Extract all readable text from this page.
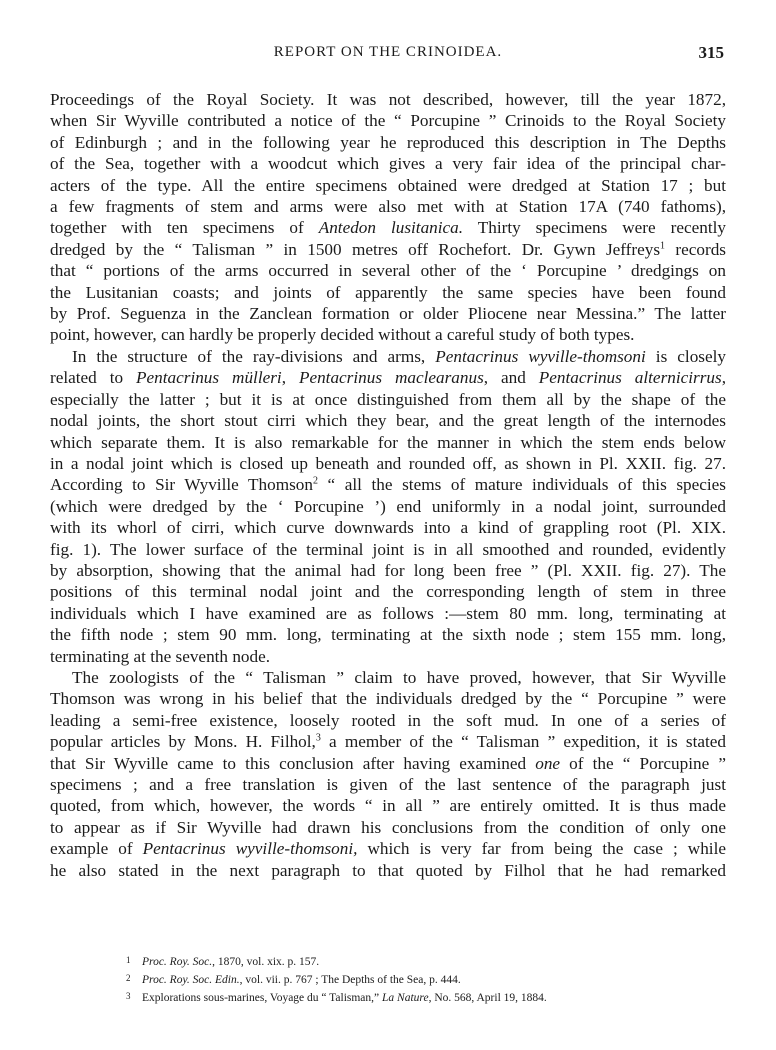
REPORT ON THE CRINOIDEA.	315

Proceedings of the Royal Society. It was not described, however, till the year 1872,
when Sir Wyville contributed a notice of the “ Porcupine ” Crinoids to the Royal Society
of Edinburgh ; and in the following year he reproduced this description in The Depths
of the Sea, together with a woodcut which gives a very fair idea of the principal char-
acters of the type. All the entire specimens obtained were dredged at Station 17 ; but
a few fragments of stem and arms were also met with at Station 17A (740 fathoms),
together with ten specimens of Antedon lusitanica. Thirty specimens were recently
dredged by the “ Talisman ” in 1500 metres off Rochefort. Dr. Gywn Jeffreys$^1$ records
that “ portions of the arms occurred in several other of the ‘ Porcupine ’ dredgings on
the Lusitanian coasts; and joints of apparently the same species have been found
by Prof. Seguenza in the Zanclean formation or older Pliocene near Messina.” The latter
point, however, can hardly be properly decided without a careful study of both types.

In the structure of the ray-divisions and arms, Pentacrinus wyville-thomsoni is closely
related to Pentacrinus mülleri, Pentacrinus maclearanus, and Pentacrinus alternicirrus,
especially the latter ; but it is at once distinguished from them all by the shape of the
nodal joints, the short stout cirri which they bear, and the great length of the internodes
which separate them. It is also remarkable for the manner in which the stem ends below
in a nodal joint which is closed up beneath and rounded off, as shown in Pl. XXII. fig. 27.
According to Sir Wyville Thomson$^2$ “ all the stems of mature individuals of this species
(which were dredged by the ‘ Porcupine ’) end uniformly in a nodal joint, surrounded
with its whorl of cirri, which curve downwards into a kind of grappling root (Pl. XIX.
fig. 1). The lower surface of the terminal joint is in all smoothed and rounded, evidently
by absorption, showing that the animal had for long been free ” (Pl. XXII. fig. 27). The
positions of this terminal nodal joint and the corresponding length of stem in three
individuals which I have examined are as follows :—stem 80 mm. long, terminating at
the fifth node ; stem 90 mm. long, terminating at the sixth node ; stem 155 mm. long,
terminating at the seventh node.

The zoologists of the “ Talisman ” claim to have proved, however, that Sir Wyville
Thomson was wrong in his belief that the individuals dredged by the “ Porcupine ” were
leading a semi-free existence, loosely rooted in the soft mud. In one of a series of
popular articles by Mons. H. Filhol,$^3$ a member of the “ Talisman ” expedition, it is stated
that Sir Wyville came to this conclusion after having examined one of the “ Porcupine ”
specimens ; and a free translation is given of the last sentence of the paragraph just
quoted, from which, however, the words “ in all ” are entirely omitted. It is thus made
to appear as if Sir Wyville had drawn his conclusions from the condition of only one
example of Pentacrinus wyville-thomsoni, which is very far from being the case ; while
he also stated in the next paragraph to that quoted by Filhol that he had remarked

1 Proc. Roy. Soc., 1870, vol. xix. p. 157.
2 Proc. Roy. Soc. Edin., vol. vii. p. 767 ; The Depths of the Sea, p. 444.
3 Explorations sous-marines, Voyage du “ Talisman,” La Nature, No. 568, April 19, 1884.
